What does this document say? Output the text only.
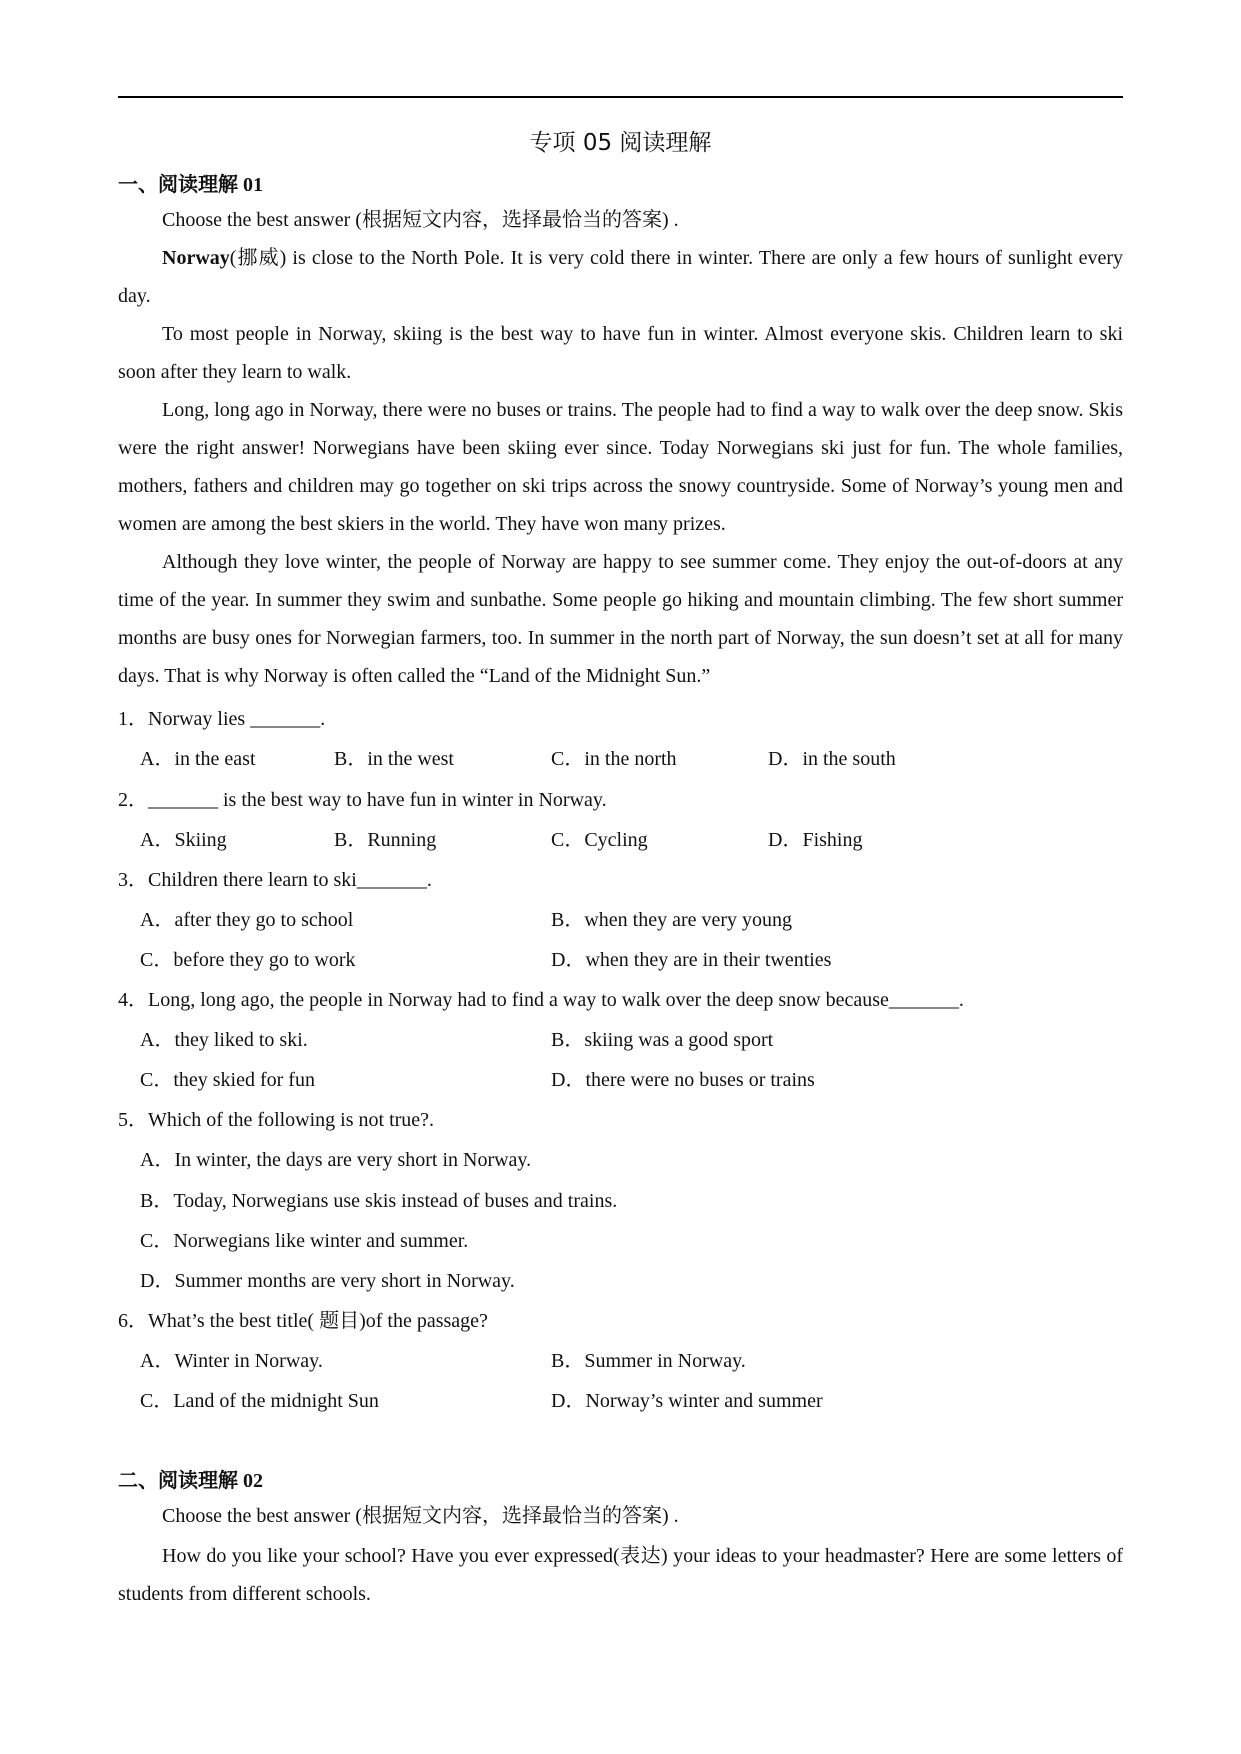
专项 05 阅读理解
一、阅读理解 01

Choose the best answer (根据短文内容，选择最恰当的答案) .

Norway(挪威) is close to the North Pole. It is very cold there in winter. There are only a few hours of sunlight every day.

To most people in Norway, skiing is the best way to have fun in winter. Almost everyone skis. Children learn to ski soon after they learn to walk.

Long, long ago in Norway, there were no buses or trains. The people had to find a way to walk over the deep snow. Skis were the right answer! Norwegians have been skiing ever since. Today Norwegians ski just for fun. The whole families, mothers, fathers and children may go together on ski trips across the snowy countryside. Some of Norway’s young men and women are among the best skiers in the world. They have won many prizes.

Although they love winter, the people of Norway are happy to see summer come. They enjoy the out-of-doors at any time of the year. In summer they swim and sunbathe. Some people go hiking and mountain climbing. The few short summer months are busy ones for Norwegian farmers, too. In summer in the north part of Norway, the sun doesn’t set at all for many days. That is why Norway is often called the “Land of the Midnight Sun.”

1．Norway lies _______.
A．in the east	B．in the west	C．in the north	D．in the south
2．_______ is the best way to have fun in winter in Norway.
A．Skiing	B．Running	C．Cycling	D．Fishing
3．Children there learn to ski_______.
A．after they go to school	B．when they are very young
C．before they go to work	D．when they are in their twenties
4．Long, long ago, the people in Norway had to find a way to walk over the deep snow because_______.
A．they liked to ski.	B．skiing was a good sport
C．they skied for fun	D．there were no buses or trains
5．Which of the following is not true?.
A．In winter, the days are very short in Norway.
B．Today, Norwegians use skis instead of buses and trains.
C．Norwegians like winter and summer.
D．Summer months are very short in Norway.
6．What’s the best title( 题目)of the passage?
A．Winter in Norway.	B．Summer in Norway.
C．Land of the midnight Sun	D．Norway’s winter and summer
二、阅读理解 02

Choose the best answer (根据短文内容，选择最恰当的答案) .

How do you like your school? Have you ever expressed(表达) your ideas to your headmaster? Here are some letters of students from different schools.
